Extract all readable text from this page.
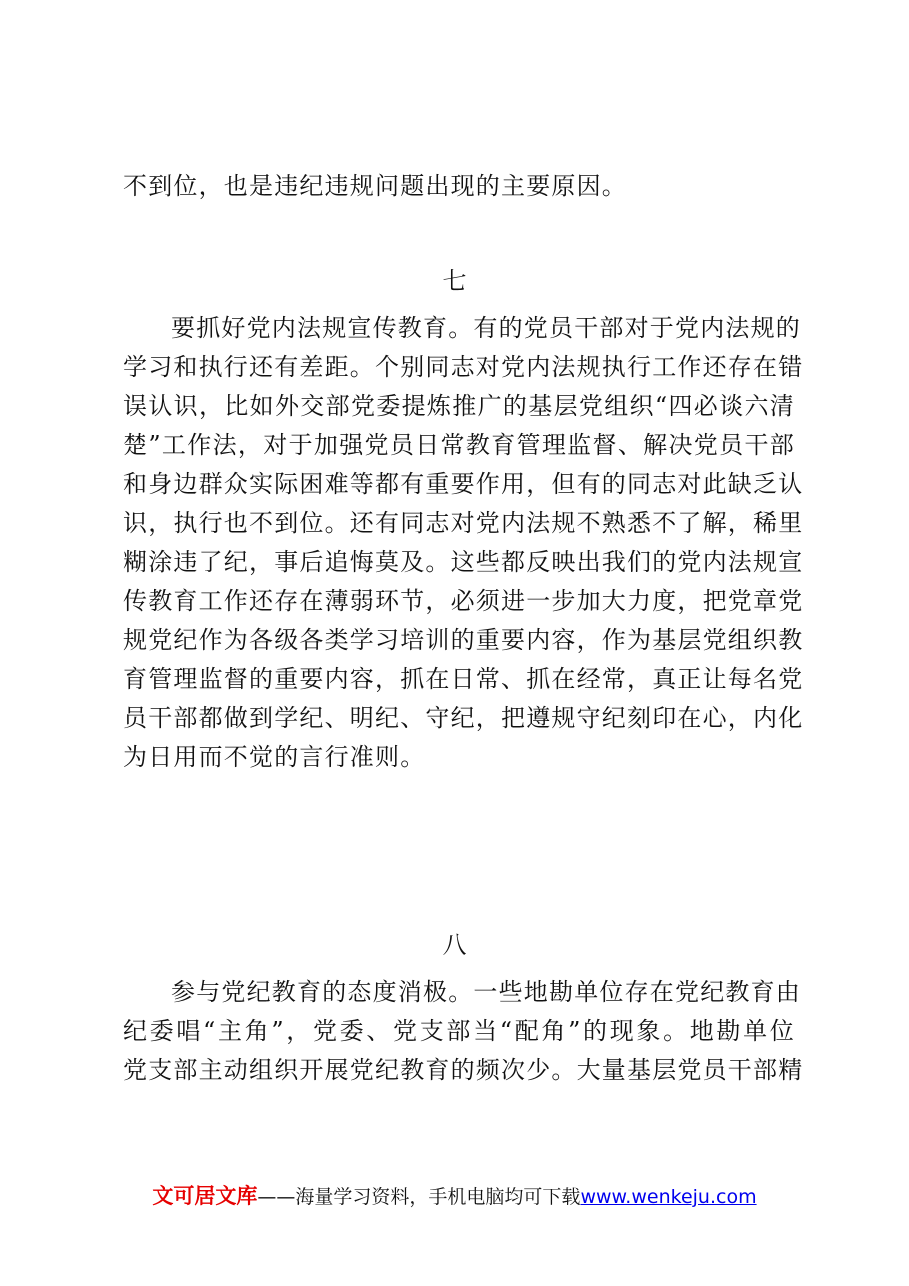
不到位，也是违纪违规问题出现的主要原因。
七
要抓好党内法规宣传教育。有的党员干部对于党内法规的
学习和执行还有差距。个别同志对党内法规执行工作还存在错
误认识，比如外交部党委提炼推广的基层党组织“四必谈六清
楚”工作法，对于加强党员日常教育管理监督、解决党员干部
和身边群众实际困难等都有重要作用，但有的同志对此缺乏认
识，执行也不到位。还有同志对党内法规不熟悉不了解，稀里
糊涂违了纪，事后追悔莫及。这些都反映出我们的党内法规宣
传教育工作还存在薄弱环节，必须进一步加大力度，把党章党
规党纪作为各级各类学习培训的重要内容，作为基层党组织教
育管理监督的重要内容，抓在日常、抓在经常，真正让每名党
员干部都做到学纪、明纪、守纪，把遵规守纪刻印在心，内化
为日用而不觉的言行准则。
八
参与党纪教育的态度消极。一些地勘单位存在党纪教育由
纪委唱“主角”，党委、党支部当“配角”的现象。地勘单位
党支部主动组织开展党纪教育的频次少。大量基层党员干部精
文可居文库——海量学习资料，手机电脑均可下载www.wenkeju.com
